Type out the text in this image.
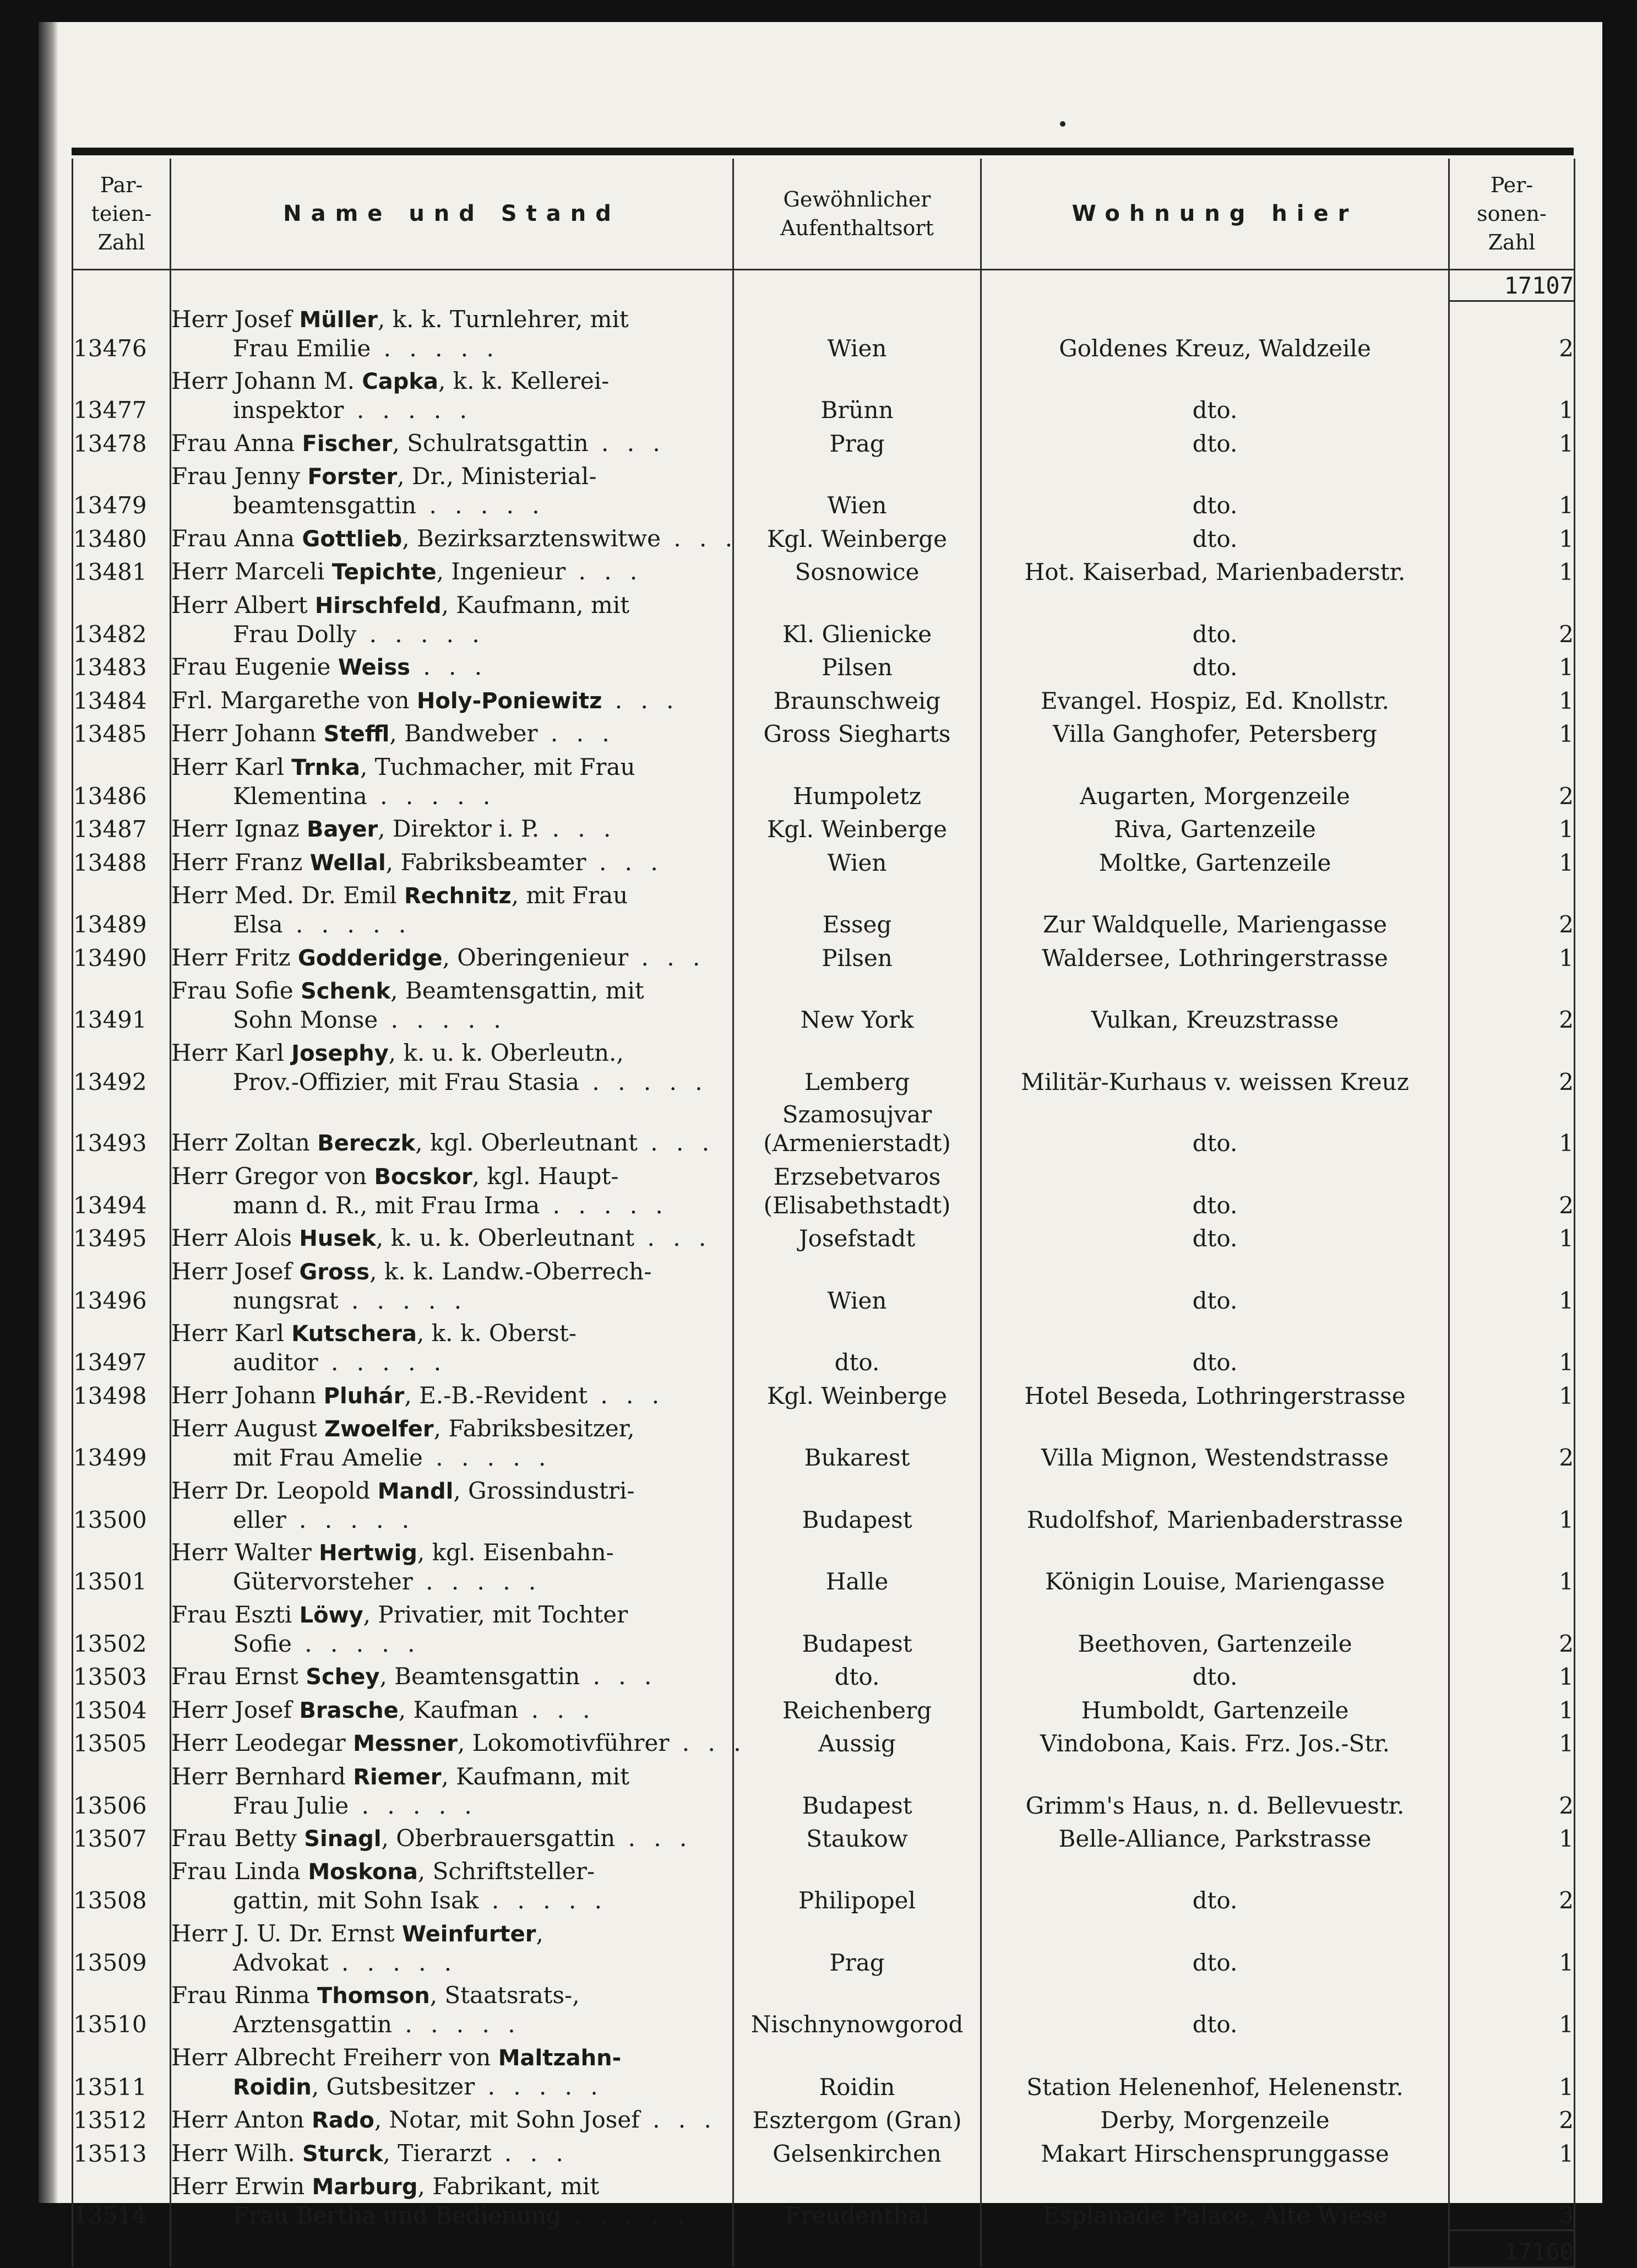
Par-
teien-
Zahl	Name und Stand	Gewöhnlicher
Aufenthaltsort	Wohnung hier	Per-
sonen-
Zahl
				17107
13476	Herr Josef Müller, k. k. Turnlehrer, mit
Frau Emilie . . . . .	Wien	Goldenes Kreuz, Waldzeile	2
13477	Herr Johann M. Capka, k. k. Kellerei-
inspektor . . . . .	Brünn	dto.	1
13478	Frau Anna Fischer, Schulratsgattin . . .	Prag	dto.	1
13479	Frau Jenny Forster, Dr., Ministerial-
beamtensgattin . . . . .	Wien	dto.	1
13480	Frau Anna Gottlieb, Bezirksarztenswitwe . . .	Kgl. Weinberge	dto.	1
13481	Herr Marceli Tepichte, Ingenieur . . .	Sosnowice	Hot. Kaiserbad, Marienbaderstr.	1
13482	Herr Albert Hirschfeld, Kaufmann, mit
Frau Dolly . . . . .	Kl. Glienicke	dto.	2
13483	Frau Eugenie Weiss . . .	Pilsen	dto.	1
13484	Frl. Margarethe von Holy-Poniewitz . . .	Braunschweig	Evangel. Hospiz, Ed. Knollstr.	1
13485	Herr Johann Steffl, Bandweber . . .	Gross Siegharts	Villa Ganghofer, Petersberg	1
13486	Herr Karl Trnka, Tuchmacher, mit Frau
Klementina . . . . .	Humpoletz	Augarten, Morgenzeile	2
13487	Herr Ignaz Bayer, Direktor i. P. . . .	Kgl. Weinberge	Riva, Gartenzeile	1
13488	Herr Franz Wellal, Fabriksbeamter . . .	Wien	Moltke, Gartenzeile	1
13489	Herr Med. Dr. Emil Rechnitz, mit Frau
Elsa . . . . .	Esseg	Zur Waldquelle, Mariengasse	2
13490	Herr Fritz Godderidge, Oberingenieur . . .	Pilsen	Waldersee, Lothringerstrasse	1
13491	Frau Sofie Schenk, Beamtensgattin, mit
Sohn Monse . . . . .	New York	Vulkan, Kreuzstrasse	2
13492	Herr Karl Josephy, k. u. k. Oberleutn.,
Prov.-Offizier, mit Frau Stasia . . . . .	Lemberg	Militär-Kurhaus v. weissen Kreuz	2
13493	Herr Zoltan Bereczk, kgl. Oberleutnant . . .	Szamosujvar
(Armenierstadt)	dto.	1
13494	Herr Gregor von Bocskor, kgl. Haupt-
mann d. R., mit Frau Irma . . . . .	Erzsebetvaros
(Elisabethstadt)	dto.	2
13495	Herr Alois Husek, k. u. k. Oberleutnant . . .	Josefstadt	dto.	1
13496	Herr Josef Gross, k. k. Landw.-Oberrech-
nungsrat . . . . .	Wien	dto.	1
13497	Herr Karl Kutschera, k. k. Oberst-
auditor . . . . .	dto.	dto.	1
13498	Herr Johann Pluhár, E.-B.-Revident . . .	Kgl. Weinberge	Hotel Beseda, Lothringerstrasse	1
13499	Herr August Zwoelfer, Fabriksbesitzer,
mit Frau Amelie . . . . .	Bukarest	Villa Mignon, Westendstrasse	2
13500	Herr Dr. Leopold Mandl, Grossindustri-
eller . . . . .	Budapest	Rudolfshof, Marienbaderstrasse	1
13501	Herr Walter Hertwig, kgl. Eisenbahn-
Gütervorsteher . . . . .	Halle	Königin Louise, Mariengasse	1
13502	Frau Eszti Löwy, Privatier, mit Tochter
Sofie . . . . .	Budapest	Beethoven, Gartenzeile	2
13503	Frau Ernst Schey, Beamtensgattin . . .	dto.	dto.	1
13504	Herr Josef Brasche, Kaufman . . .	Reichenberg	Humboldt, Gartenzeile	1
13505	Herr Leodegar Messner, Lokomotivführer . . .	Aussig	Vindobona, Kais. Frz. Jos.-Str.	1
13506	Herr Bernhard Riemer, Kaufmann, mit
Frau Julie . . . . .	Budapest	Grimm's Haus, n. d. Bellevuestr.	2
13507	Frau Betty Sinagl, Oberbrauersgattin . . .	Staukow	Belle-Alliance, Parkstrasse	1
13508	Frau Linda Moskona, Schriftsteller-
gattin, mit Sohn Isak . . . . .	Philipopel	dto.	2
13509	Herr J. U. Dr. Ernst Weinfurter,
Advokat . . . . .	Prag	dto.	1
13510	Frau Rinma Thomson, Staatsrats-,
Arztensgattin . . . . .	Nischnynowgorod	dto.	1
13511	Herr Albrecht Freiherr von Maltzahn-
Roidin, Gutsbesitzer . . . . .	Roidin	Station Helenenhof, Helenenstr.	1
13512	Herr Anton Rado, Notar, mit Sohn Josef . . .	Esztergom (Gran)	Derby, Morgenzeile	2
13513	Herr Wilh. Sturck, Tierarzt . . .	Gelsenkirchen	Makart Hirschensprunggasse	1
13514	Herr Erwin Marburg, Fabrikant, mit
Frau Bertha und Bedienung . . . . .	Freudenthal	Esplanade Palace, Alte Wiese	3
				17160
